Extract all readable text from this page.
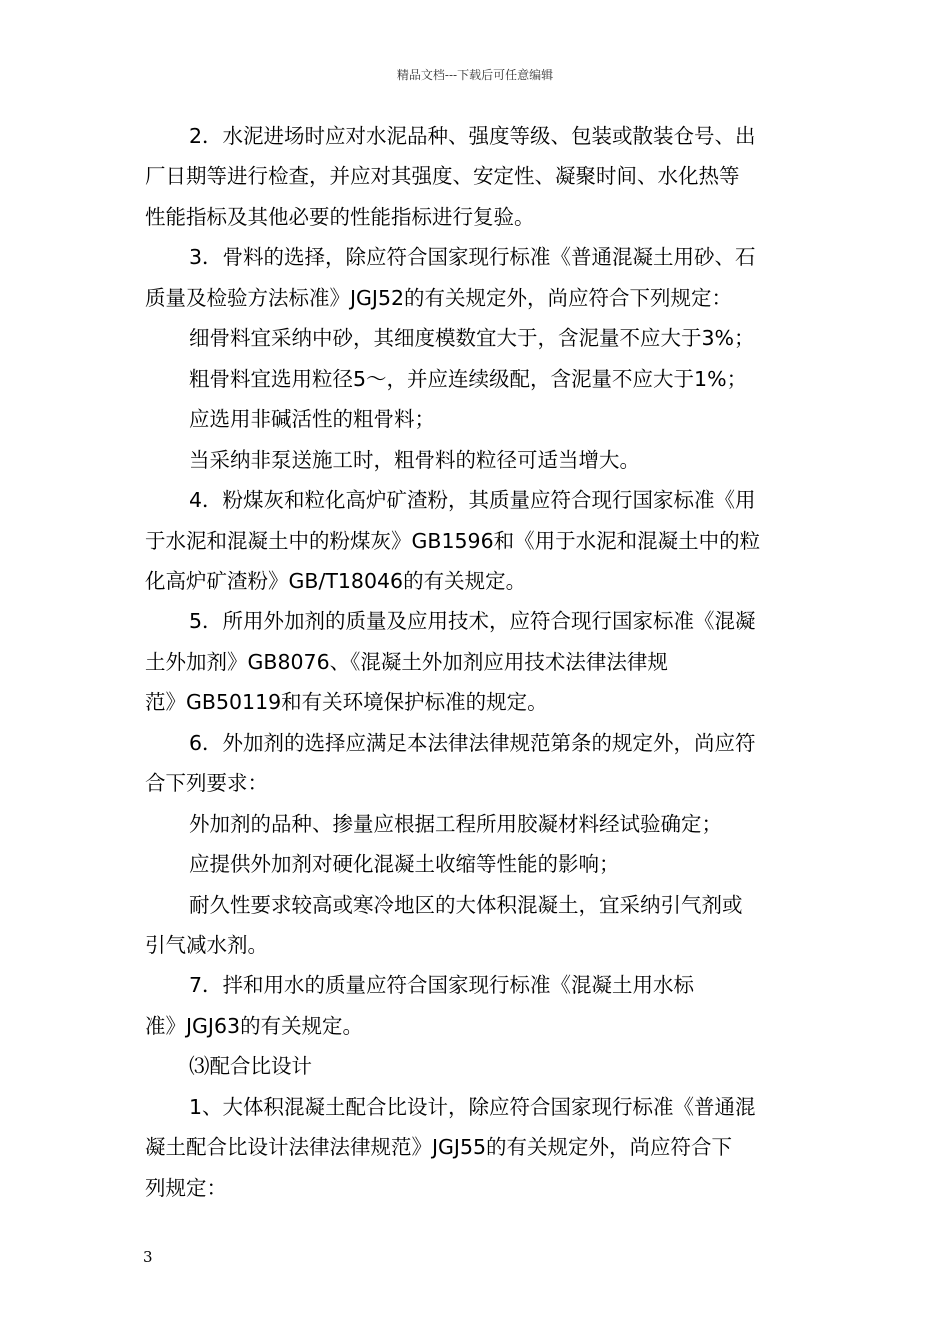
精品文档---下载后可任意编辑
2．水泥进场时应对水泥品种、强度等级、包装或散装仓号、出
厂日期等进行检查，并应对其强度、安定性、凝聚时间、水化热等
性能指标及其他必要的性能指标进行复验。
3．骨料的选择，除应符合国家现行标准《普通混凝土用砂、石
质量及检验方法标准》JGJ52的有关规定外，尚应符合下列规定：
细骨料宜采纳中砂，其细度模数宜大于，含泥量不应大于3%；
粗骨料宜选用粒径5～，并应连续级配，含泥量不应大于1%；
应选用非碱活性的粗骨料；
当采纳非泵送施工时，粗骨料的粒径可适当增大。
4．粉煤灰和粒化高炉矿渣粉，其质量应符合现行国家标准《用
于水泥和混凝土中的粉煤灰》GB1596和《用于水泥和混凝土中的粒
化高炉矿渣粉》GB/T18046的有关规定。
5．所用外加剂的质量及应用技术，应符合现行国家标准《混凝
土外加剂》GB8076、《混凝土外加剂应用技术法律法律规
范》GB50119和有关环境保护标准的规定。
6．外加剂的选择应满足本法律法律规范第条的规定外，尚应符
合下列要求：
外加剂的品种、掺量应根据工程所用胶凝材料经试验确定；
应提供外加剂对硬化混凝土收缩等性能的影响；
耐久性要求较高或寒冷地区的大体积混凝土，宜采纳引气剂或
引气减水剂。
7．拌和用水的质量应符合国家现行标准《混凝土用水标
准》JGJ63的有关规定。
⑶配合比设计
1、大体积混凝土配合比设计，除应符合国家现行标准《普通混
凝土配合比设计法律法律规范》JGJ55的有关规定外，尚应符合下
列规定：
3
